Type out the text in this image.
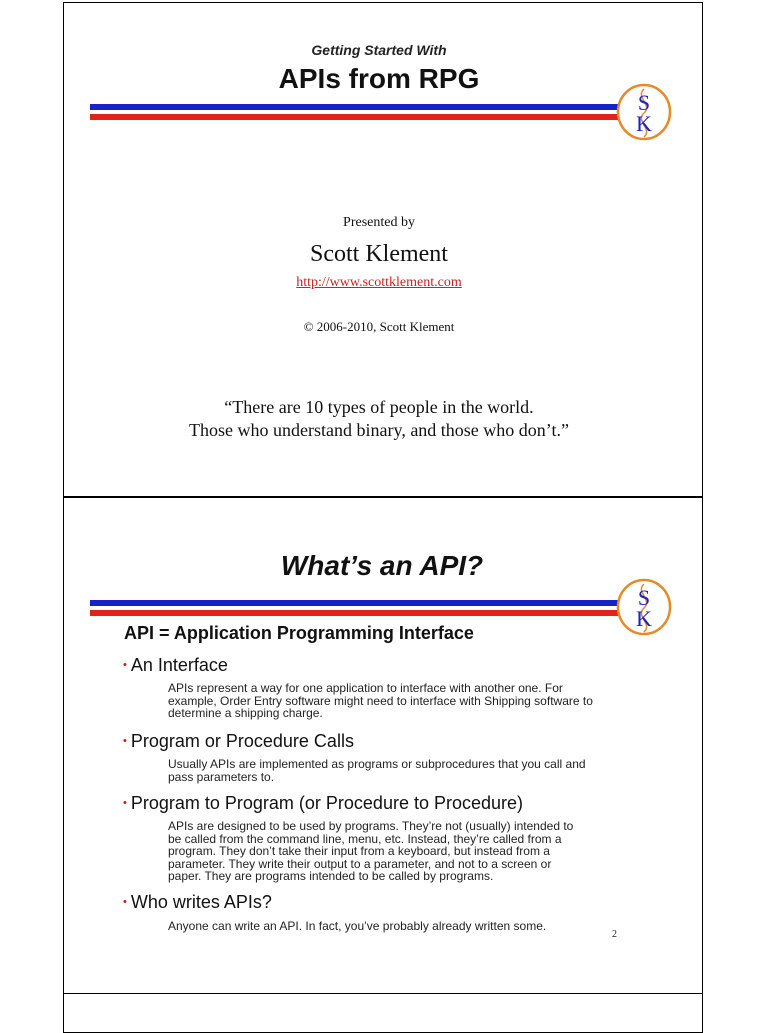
Getting Started With
APIs from RPG
S
K
Presented by
Scott Klement
http://www.scottklement.com
© 2006-2010, Scott Klement
“There are 10 types of people in the world.
Those who understand binary, and those who don’t.”
What’s an API?
S
K
API = Application Programming Interface
• An Interface
APIs represent a way for one application to interface with another one. For
example, Order Entry software might need to interface with Shipping software to
determine a shipping charge.
• Program or Procedure Calls
Usually APIs are implemented as programs or subprocedures that you call and
pass parameters to.
• Program to Program (or Procedure to Procedure)
APIs are designed to be used by programs. They’re not (usually) intended to
be called from the command line, menu, etc. Instead, they’re called from a
program. They don’t take their input from a keyboard, but instead from a
parameter. They write their output to a parameter, and not to a screen or
paper. They are programs intended to be called by programs.
• Who writes APIs?
Anyone can write an API. In fact, you’ve probably already written some.
2
